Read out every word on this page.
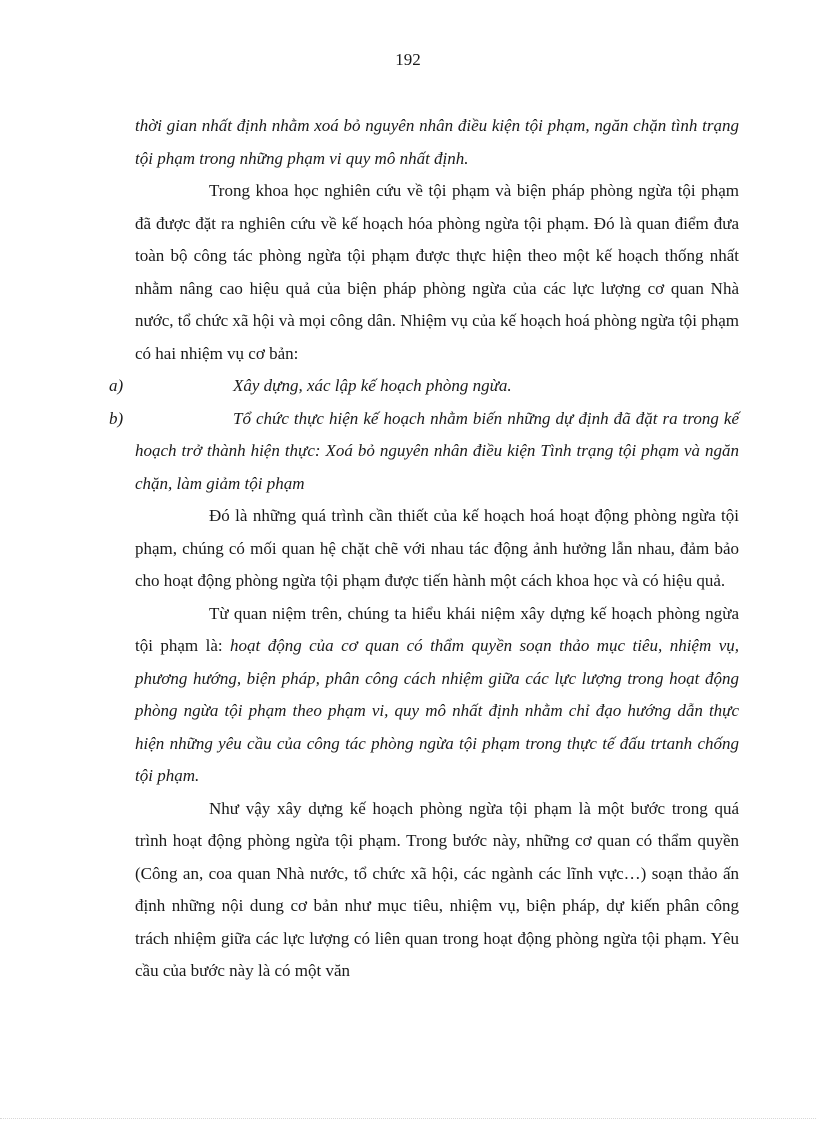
192

thời gian nhất định nhằm xoá bỏ nguyên nhân điều kiện tội phạm, ngăn chặn tình trạng tội phạm trong những phạm vi quy mô nhất định.

Trong khoa học nghiên cứu về tội phạm và biện pháp phòng ngừa tội phạm đã được đặt ra nghiên cứu về kế hoạch hóa phòng ngừa tội phạm. Đó là quan điểm đưa toàn bộ công tác phòng ngừa tội phạm được thực hiện theo một kế hoạch thống nhất nhằm nâng cao hiệu quả của biện pháp phòng ngừa của các lực lượng cơ quan Nhà nước, tổ chức xã hội và mọi công dân. Nhiệm vụ của kế hoạch hoá phòng ngừa tội phạm có hai nhiệm vụ cơ bản:

a)	Xây dựng, xác lập kế hoạch phòng ngừa.

b)	Tổ chức thực hiện kế hoạch nhằm biến những dự định đã đặt ra trong kế hoạch trở thành hiện thực: Xoá bỏ nguyên nhân điều kiện Tình trạng tội phạm và ngăn chặn, làm giảm tội phạm

Đó là những quá trình cần thiết của kế hoạch hoá hoạt động phòng ngừa tội phạm, chúng có mối quan hệ chặt chẽ với nhau tác động ảnh hưởng lẫn nhau, đảm bảo cho hoạt động phòng ngừa tội phạm được tiến hành một cách khoa học và có hiệu quả.

Từ quan niệm trên, chúng ta hiểu khái niệm xây dựng kế hoạch phòng ngừa tội phạm là: hoạt động của cơ quan có thẩm quyền soạn thảo mục tiêu, nhiệm vụ, phương hướng, biện pháp, phân công cách nhiệm giữa các lực lượng trong hoạt động phòng ngừa tội phạm theo phạm vi, quy mô nhất định nhằm chỉ đạo hướng dẫn thực hiện những yêu cầu của công tác phòng ngừa tội phạm trong thực tế đấu trtanh chống tội phạm.

Như vậy xây dựng kế hoạch phòng ngừa tội phạm là một bước trong quá trình hoạt động phòng ngừa tội phạm. Trong bước này, những cơ quan có thẩm quyền (Công an, coa quan Nhà nước, tổ chức xã hội, các ngành các lĩnh vực…) soạn thảo ấn định những nội dung cơ bản như mục tiêu, nhiệm vụ, biện pháp, dự kiến phân công trách nhiệm giữa các lực lượng có liên quan trong hoạt động phòng ngừa tội phạm. Yêu cầu của bước này là có một văn
